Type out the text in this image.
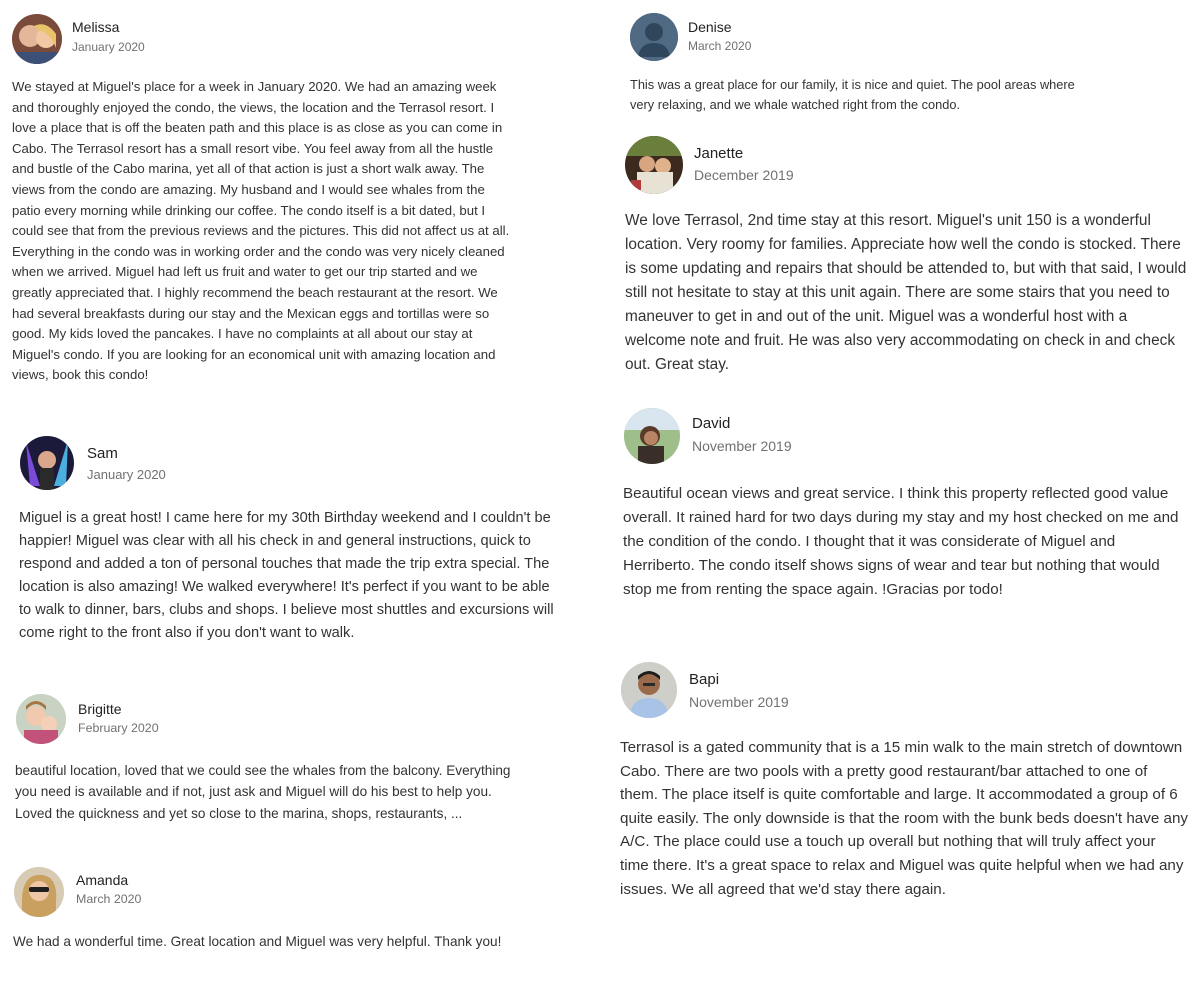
Melissa
January 2020
We stayed at Miguel's place for a week in January 2020. We had an amazing week and thoroughly enjoyed the condo, the views, the location and the Terrasol resort. I love a place that is off the beaten path and this place is as close as you can come in Cabo. The Terrasol resort has a small resort vibe. You feel away from all the hustle and bustle of the Cabo marina, yet all of that action is just a short walk away. The views from the condo are amazing. My husband and I would see whales from the patio every morning while drinking our coffee. The condo itself is a bit dated, but I could see that from the previous reviews and the pictures. This did not affect us at all. Everything in the condo was in working order and the condo was very nicely cleaned when we arrived. Miguel had left us fruit and water to get our trip started and we greatly appreciated that. I highly recommend the beach restaurant at the resort. We had several breakfasts during our stay and the Mexican eggs and tortillas were so good. My kids loved the pancakes. I have no complaints at all about our stay at Miguel's condo. If you are looking for an economical unit with amazing location and views, book this condo!
Sam
January 2020
Miguel is a great host! I came here for my 30th Birthday weekend and I couldn't be happier! Miguel was clear with all his check in and general instructions, quick to respond and added a ton of personal touches that made the trip extra special. The location is also amazing! We walked everywhere! It's perfect if you want to be able to walk to dinner, bars, clubs and shops. I believe most shuttles and excursions will come right to the front also if you don't want to walk.
Brigitte
February 2020
beautiful location, loved that we could see the whales from the balcony. Everything you need is available and if not, just ask and Miguel will do his best to help you. Loved the quickness and yet so close to the marina, shops, restaurants, ...
Amanda
March 2020
We had a wonderful time. Great location and Miguel was very helpful. Thank you!
Denise
March 2020
This was a great place for our family, it is nice and quiet. The pool areas where very relaxing, and we whale watched right from the condo.
Janette
December 2019
We love Terrasol, 2nd time stay at this resort. Miguel's unit 150 is a wonderful location. Very roomy for families. Appreciate how well the condo is stocked. There is some updating and repairs that should be attended to, but with that said, I would still not hesitate to stay at this unit again. There are some stairs that you need to maneuver to get in and out of the unit. Miguel was a wonderful host with a welcome note and fruit. He was also very accommodating on check in and check out. Great stay.
David
November 2019
Beautiful ocean views and great service. I think this property reflected good value overall. It rained hard for two days during my stay and my host checked on me and the condition of the condo. I thought that it was considerate of Miguel and Herriberto. The condo itself shows signs of wear and tear but nothing that would stop me from renting the space again. !Gracias por todo!
Bapi
November 2019
Terrasol is a gated community that is a 15 min walk to the main stretch of downtown Cabo. There are two pools with a pretty good restaurant/bar attached to one of them. The place itself is quite comfortable and large. It accommodated a group of 6 quite easily. The only downside is that the room with the bunk beds doesn't have any A/C. The place could use a touch up overall but nothing that will truly affect your time there. It's a great space to relax and Miguel was quite helpful when we had any issues. We all agreed that we'd stay there again.
